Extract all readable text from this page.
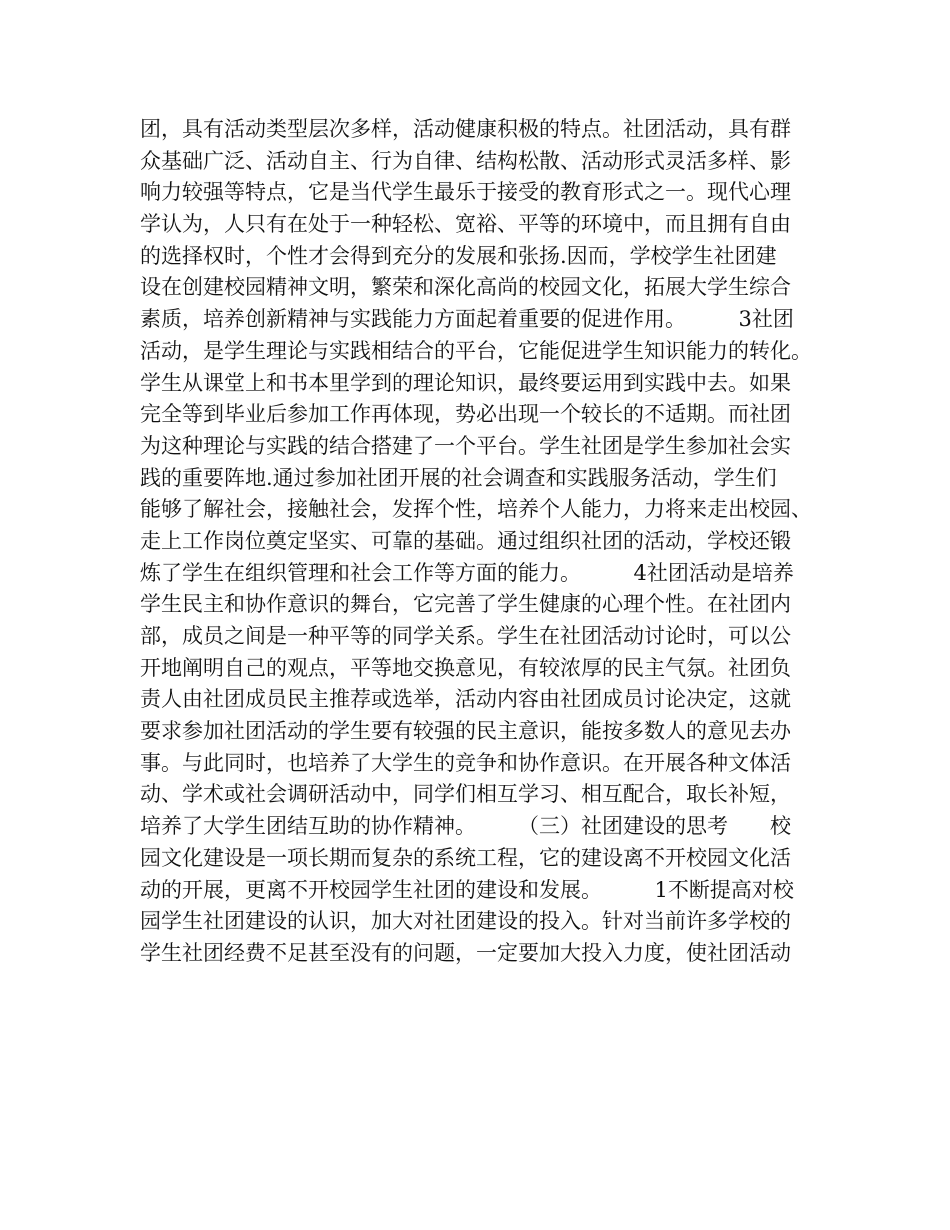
团，具有活动类型层次多样，活动健康积极的特点。社团活动，具有群
众基础广泛、活动自主、行为自律、结构松散、活动形式灵活多样、影
响力较强等特点，它是当代学生最乐于接受的教育形式之一。现代心理
学认为，人只有在处于一种轻松、宽裕、平等的环境中，而且拥有自由
的选择权时，个性才会得到充分的发展和张扬.因而，学校学生社团建
设在创建校园精神文明，繁荣和深化高尚的校园文化，拓展大学生综合
素质，培养创新精神与实践能力方面起着重要的促进作用。　　　3社团
活动，是学生理论与实践相结合的平台，它能促进学生知识能力的转化。
学生从课堂上和书本里学到的理论知识，最终要运用到实践中去。如果
完全等到毕业后参加工作再体现，势必出现一个较长的不适期。而社团
为这种理论与实践的结合搭建了一个平台。学生社团是学生参加社会实
践的重要阵地.通过参加社团开展的社会调查和实践服务活动，学生们
能够了解社会，接触社会，发挥个性，培养个人能力，力将来走出校园、
走上工作岗位奠定坚实、可靠的基础。通过组织社团的活动，学校还锻
炼了学生在组织管理和社会工作等方面的能力。　　　4社团活动是培养
学生民主和协作意识的舞台，它完善了学生健康的心理个性。在社团内
部，成员之间是一种平等的同学关系。学生在社团活动讨论时，可以公
开地阐明自己的观点，平等地交换意见，有较浓厚的民主气氛。社团负
责人由社团成员民主推荐或选举，活动内容由社团成员讨论决定，这就
要求参加社团活动的学生要有较强的民主意识，能按多数人的意见去办
事。与此同时，也培养了大学生的竞争和协作意识。在开展各种文体活
动、学术或社会调研活动中，同学们相互学习、相互配合，取长补短，
培养了大学生团结互助的协作精神。　　　（三）社团建设的思考　　校
园文化建设是一项长期而复杂的系统工程，它的建设离不开校园文化活
动的开展，更离不开校园学生社团的建设和发展。　　　1不断提高对校
园学生社团建设的认识，加大对社团建设的投入。针对当前许多学校的
学生社团经费不足甚至没有的问题，一定要加大投入力度，使社团活动
